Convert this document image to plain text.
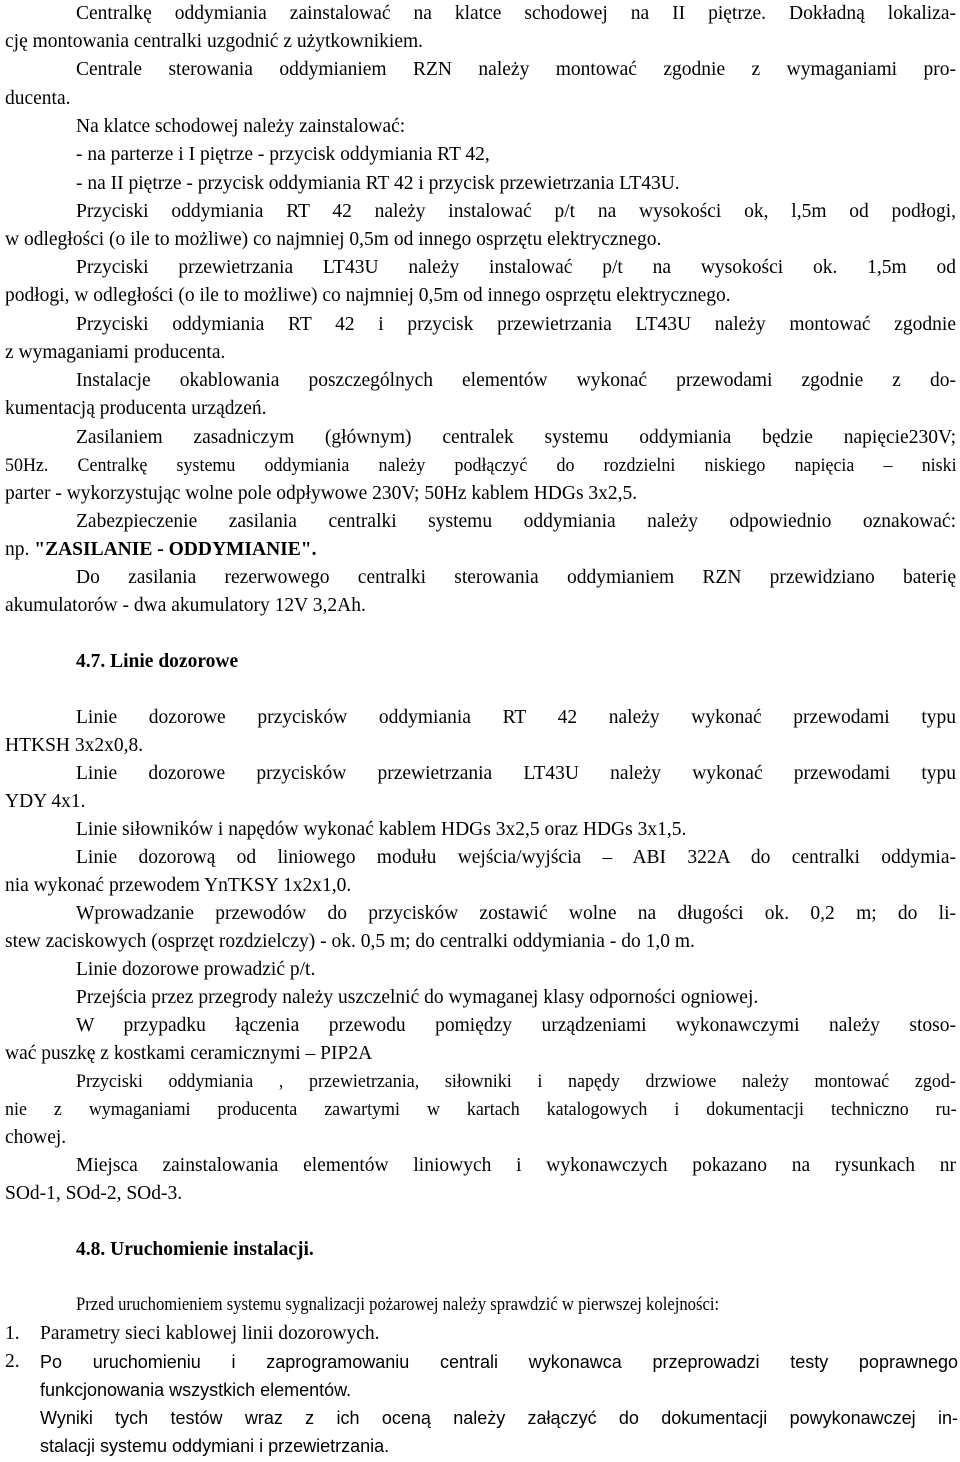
Centralkę oddymiania zainstalować na klatce schodowej na II piętrze. Dokładną lokaliza-
cję montowania centralki uzgodnić z użytkownikiem.
Centrale sterowania oddymianiem RZN należy montować zgodnie z wymaganiami pro-
ducenta.
Na klatce schodowej należy zainstalować:
- na parterze i I piętrze - przycisk oddymiania RT 42,
- na II piętrze - przycisk oddymiania RT 42 i przycisk przewietrzania LT43U.
Przyciski oddymiania RT 42 należy instalować p/t na wysokości ok, l,5m od podłogi,
w odległości (o ile to możliwe) co najmniej 0,5m od innego osprzętu elektrycznego.
Przyciski przewietrzania LT43U należy instalować p/t na wysokości ok. 1,5m od
podłogi, w odległości (o ile to możliwe) co najmniej 0,5m od innego osprzętu elektrycznego.
Przyciski oddymiania RT 42 i przycisk przewietrzania LT43U należy montować zgodnie
z wymaganiami producenta.
Instalacje okablowania poszczególnych elementów wykonać przewodami zgodnie z do-
kumentacją producenta urządzeń.
Zasilaniem zasadniczym (głównym) centralek systemu oddymiania będzie napięcie230V;
50Hz. Centralkę systemu oddymiania należy podłączyć do rozdzielni niskiego napięcia – niski
parter - wykorzystując wolne pole odpływowe 230V; 50Hz kablem HDGs 3x2,5.
Zabezpieczenie zasilania centralki systemu oddymiania należy odpowiednio oznakować:
np. "ZASILANIE - ODDYMIANIE".
Do zasilania rezerwowego centralki sterowania oddymianiem RZN przewidziano baterię
akumulatorów - dwa akumulatory 12V 3,2Ah.
4.7. Linie dozorowe
Linie dozorowe przycisków oddymiania RT 42 należy wykonać przewodami typu
HTKSH 3x2x0,8.
Linie dozorowe przycisków przewietrzania LT43U należy wykonać przewodami typu
YDY 4x1.
Linie siłowników i napędów wykonać kablem HDGs 3x2,5 oraz HDGs 3x1,5.
Linie dozorową od liniowego modułu wejścia/wyjścia – ABI 322A do centralki oddymia-
nia wykonać przewodem YnTKSY 1x2x1,0.
Wprowadzanie przewodów do przycisków zostawić wolne na długości ok. 0,2 m; do li-
stew zaciskowych (osprzęt rozdzielczy) - ok. 0,5 m; do centralki oddymiania - do 1,0 m.
Linie dozorowe prowadzić p/t.
Przejścia przez przegrody należy uszczelnić do wymaganej klasy odporności ogniowej.
W przypadku łączenia przewodu pomiędzy urządzeniami wykonawczymi należy stoso-
wać puszkę z kostkami ceramicznymi – PIP2A
Przyciski oddymiania , przewietrzania, siłowniki i napędy drzwiowe należy montować zgod-
nie z wymaganiami producenta zawartymi w kartach katalogowych i dokumentacji techniczno ru-
chowej.
Miejsca zainstalowania elementów liniowych i wykonawczych pokazano na rysunkach nr
SOd-1, SOd-2, SOd-3.
4.8. Uruchomienie instalacji.
Przed uruchomieniem systemu sygnalizacji pożarowej należy sprawdzić w pierwszej kolejności:
1. Parametry sieci kablowej linii dozorowych.
2. Po uruchomieniu i zaprogramowaniu centrali wykonawca przeprowadzi testy poprawnego
funkcjonowania wszystkich elementów.
Wyniki tych testów wraz z ich oceną należy załączyć do dokumentacji powykonawczej in-
stalacji systemu oddymiani i przewietrzania.
